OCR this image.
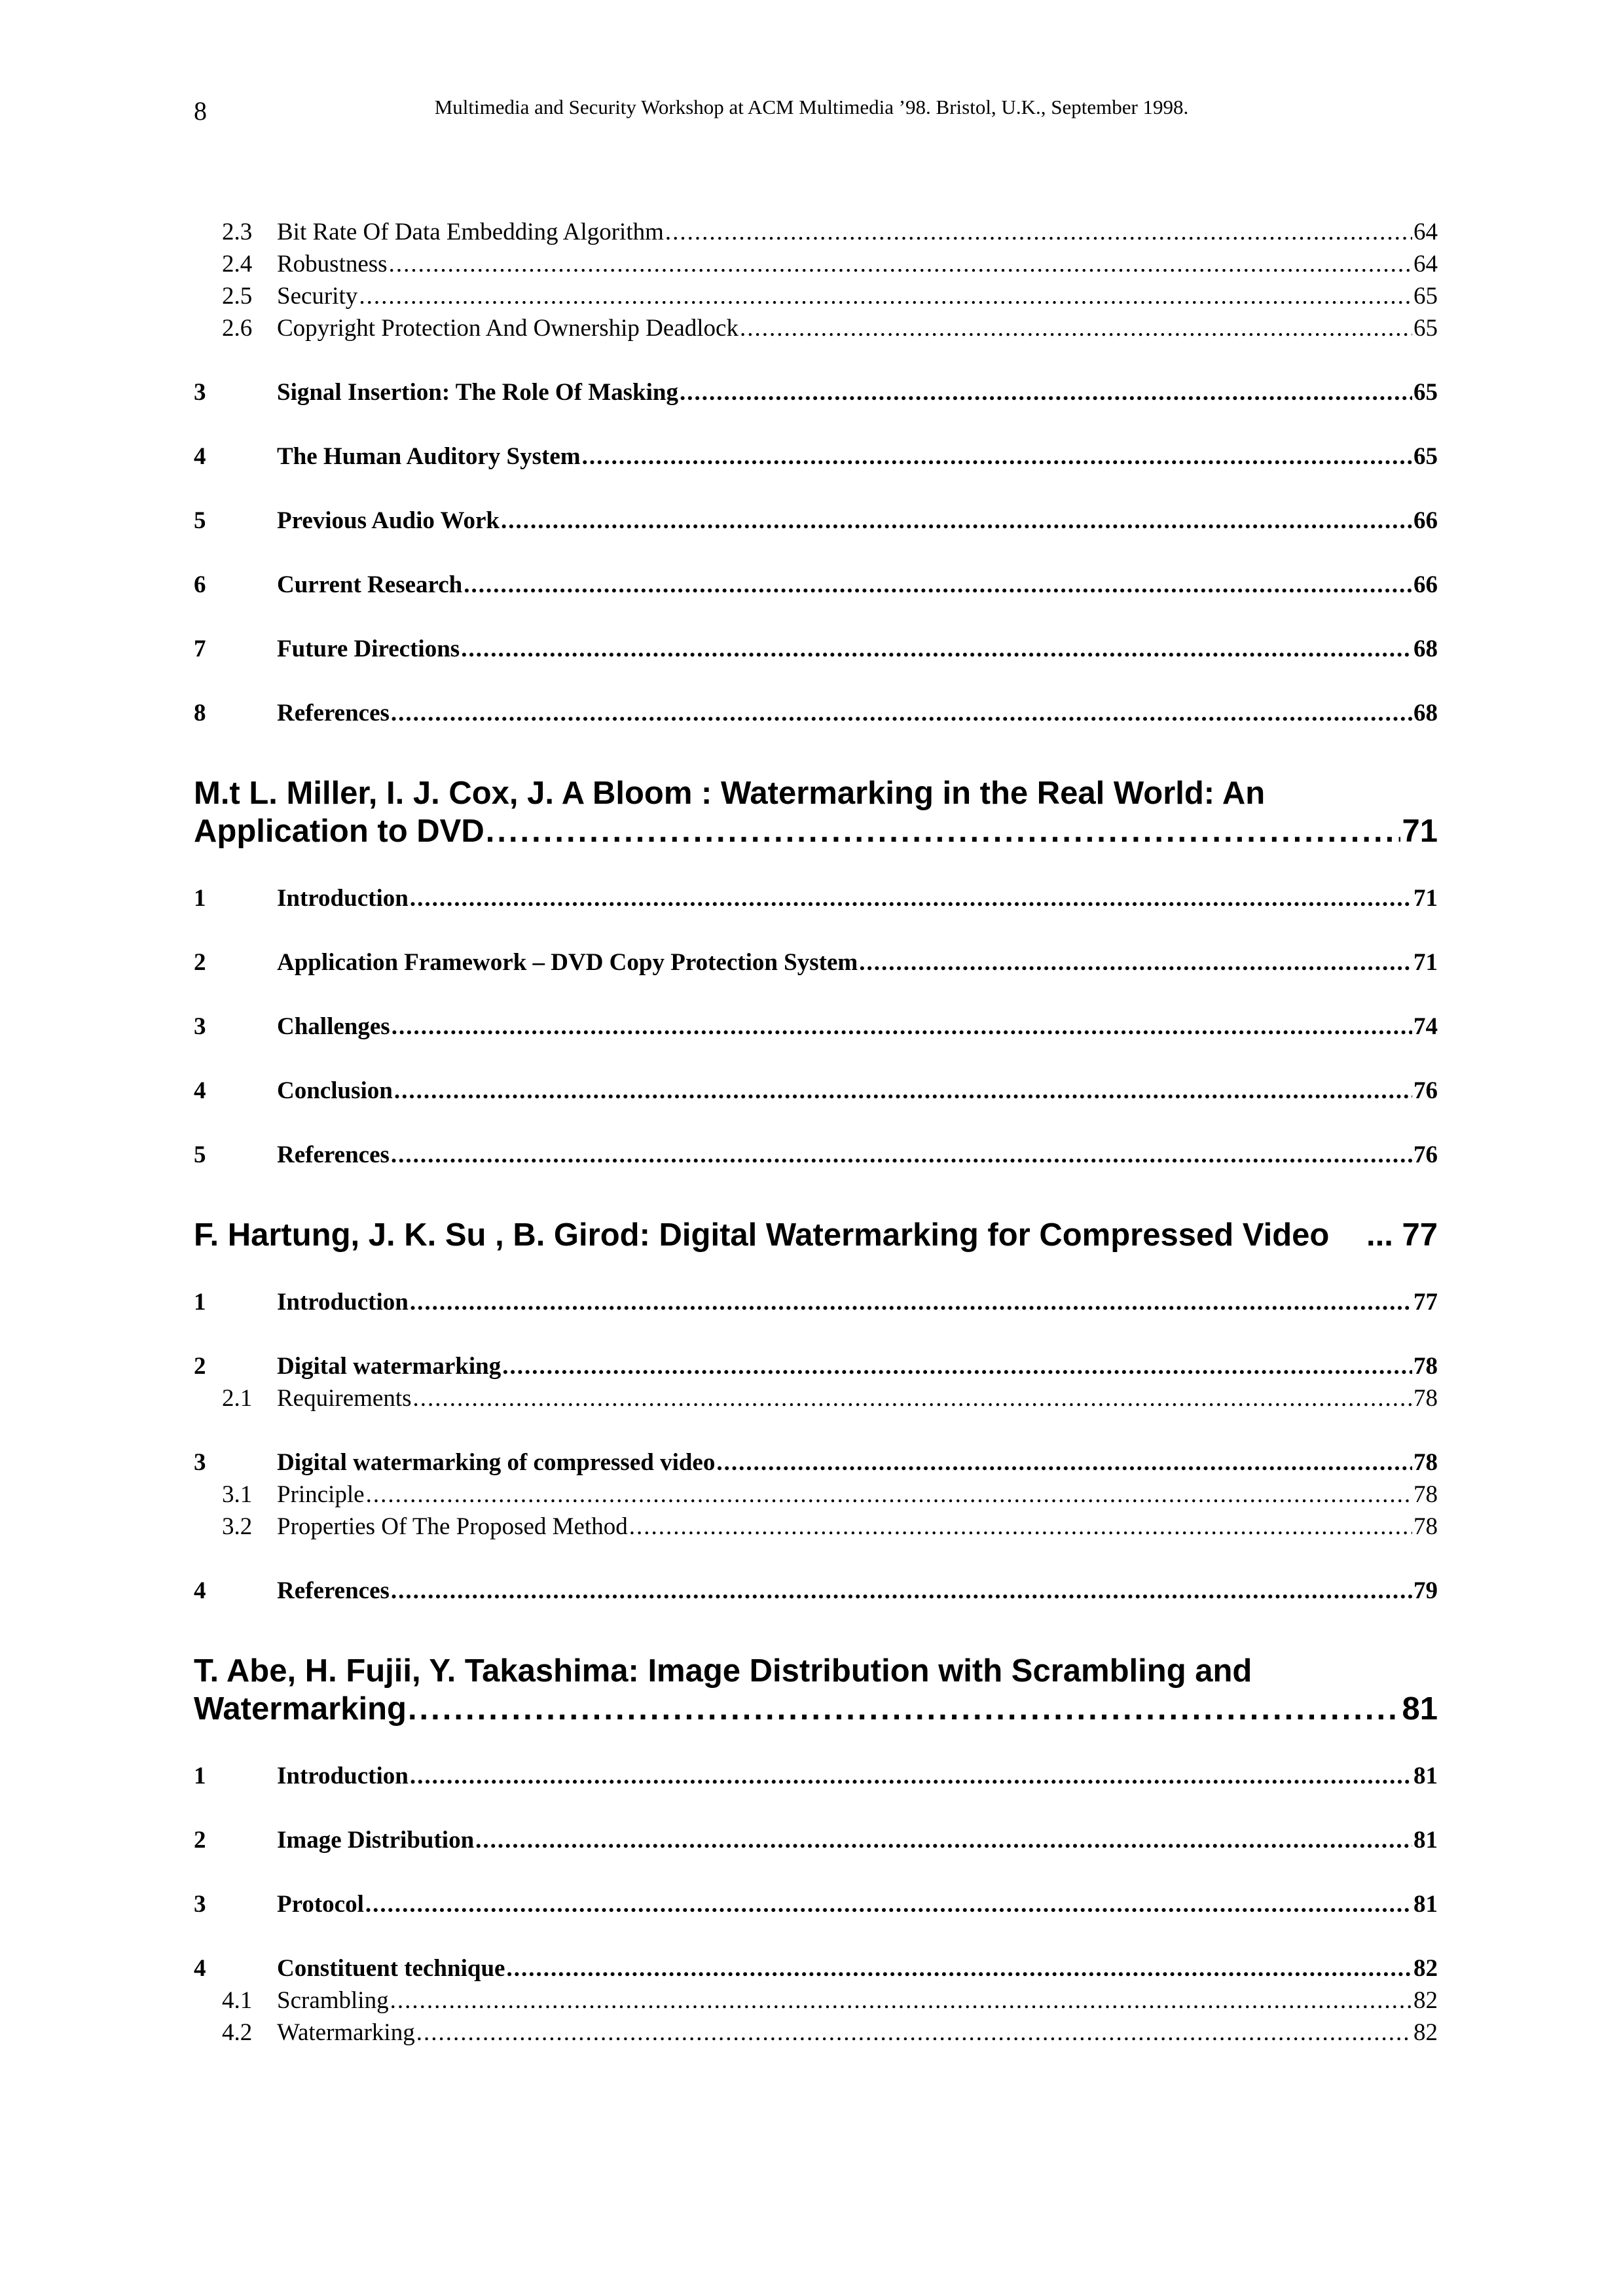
8	Multimedia and Security Workshop at ACM Multimedia ’98. Bristol, U.K., September 1998.
2.3	Bit Rate Of Data Embedding Algorithm .....	64
2.4	Robustness .....	64
2.5	Security .....	65
2.6	Copyright Protection And Ownership Deadlock .....	65
3	Signal Insertion: The Role Of Masking .....	65
4	The Human Auditory System .....	65
5	Previous Audio Work .....	66
6	Current Research .....	66
7	Future Directions .....	68
8	References .....	68
M.t L. Miller, I. J. Cox, J. A Bloom : Watermarking in the Real World: An
Application to DVD .....	71
1	Introduction .....	71
2	Application Framework – DVD Copy Protection System .....	71
3	Challenges .....	74
4	Conclusion .....	76
5	References .....	76
F. Hartung, J. K. Su , B. Girod: Digital Watermarking for Compressed Video	... 77
1	Introduction .....	77
2	Digital watermarking .....	78
2.1	Requirements .....	78
3	Digital watermarking of compressed video .....	78
3.1	Principle .....	78
3.2	Properties Of The Proposed Method .....	78
4	References .....	79
T. Abe, H. Fujii, Y. Takashima: Image Distribution with Scrambling and
Watermarking .....	81
1	Introduction .....	81
2	Image Distribution .....	81
3	Protocol .....	81
4	Constituent technique .....	82
4.1	Scrambling .....	82
4.2	Watermarking .....	82
